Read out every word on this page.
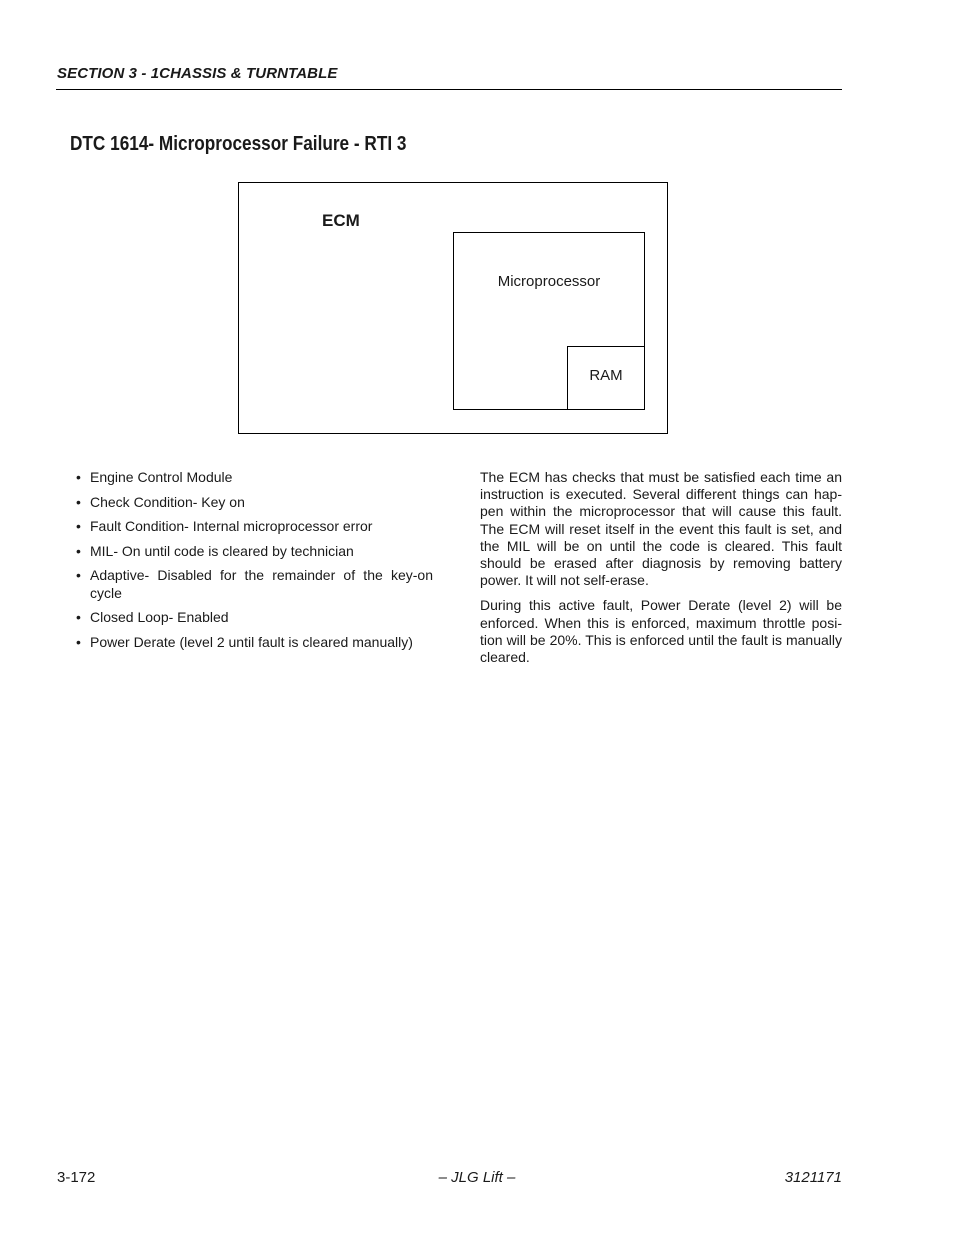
SECTION 3 - 1CHASSIS & TURNTABLE
DTC 1614- Microprocessor Failure - RTI 3
ECM
Microprocessor
RAM
• Engine Control Module
• Check Condition- Key on
• Fault Condition- Internal microprocessor error
• MIL- On until code is cleared by technician
• Adaptive- Disabled for the remainder of the key-on cycle
• Closed Loop- Enabled
• Power Derate (level 2 until fault is cleared manually)

The ECM has checks that must be satisfied each time an instruction is executed. Several different things can hap-pen within the microprocessor that will cause this fault. The ECM will reset itself in the event this fault is set, and the MIL will be on until the code is cleared. This fault should be erased after diagnosis by removing battery power. It will not self-erase.

During this active fault, Power Derate (level 2) will be enforced. When this is enforced, maximum throttle posi-tion will be 20%. This is enforced until the fault is manually cleared.

3-172	– JLG Lift –	3121171
